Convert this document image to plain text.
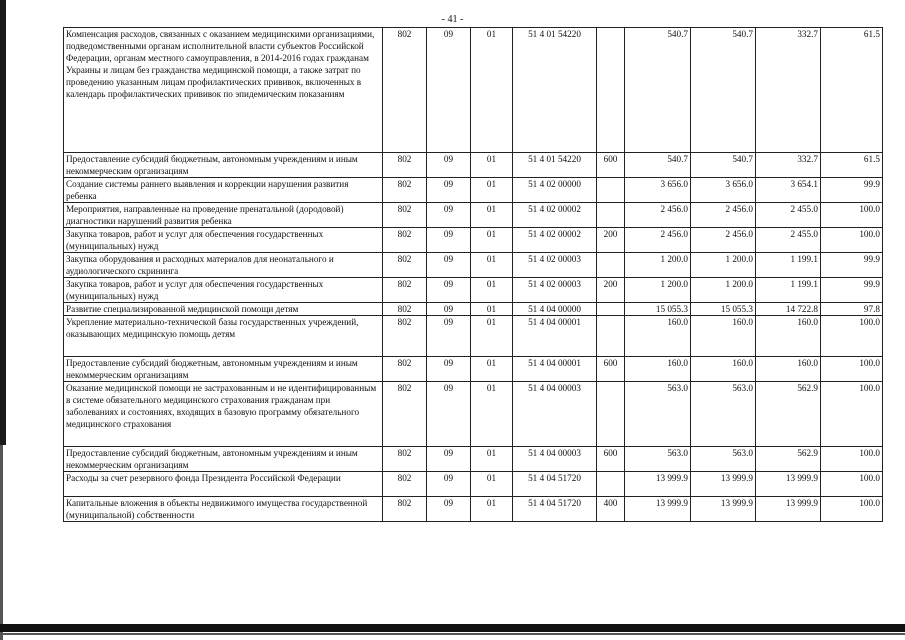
- 41 -
Компенсация расходов, связанных с оказанием медицинскими организациями, подведомственными органам исполнительной власти субъектов Российской Федерации, органам местного самоуправления, в 2014-2016 годах гражданам Украины и лицам без гражданства медицинской помощи, а также затрат по проведению указанным лицам профилактических прививок, включенных в календарь профилактических прививок по эпидемическим показаниям	802	09	01	51 4 01 54220		540.7	540.7	332.7	61.5
Предоставление субсидий бюджетным, автономным учреждениям и иным некоммерческим организациям	802	09	01	51 4 01 54220	600	540.7	540.7	332.7	61.5
Создание системы раннего выявления и коррекции нарушения развития ребенка	802	09	01	51 4 02 00000		3 656.0	3 656.0	3 654.1	99.9
Мероприятия, направленные на проведение пренатальной (дородовой) диагностики нарушений развития ребенка	802	09	01	51 4 02 00002		2 456.0	2 456.0	2 455.0	100.0
Закупка товаров, работ и услуг для обеспечения государственных (муниципальных) нужд	802	09	01	51 4 02 00002	200	2 456.0	2 456.0	2 455.0	100.0
Закупка оборудования и расходных материалов для неонатального и аудиологического скрининга	802	09	01	51 4 02 00003		1 200.0	1 200.0	1 199.1	99.9
Закупка товаров, работ и услуг для обеспечения государственных (муниципальных) нужд	802	09	01	51 4 02 00003	200	1 200.0	1 200.0	1 199.1	99.9
Развитие специализированной медицинской помощи детям	802	09	01	51 4 04 00000		15 055.3	15 055.3	14 722.8	97.8
Укрепление материально-технической базы государственных учреждений, оказывающих медицинскую помощь детям	802	09	01	51 4 04 00001		160.0	160.0	160.0	100.0
Предоставление субсидий бюджетным, автономным учреждениям и иным некоммерческим организациям	802	09	01	51 4 04 00001	600	160.0	160.0	160.0	100.0
Оказание медицинской помощи не застрахованным и не идентифицированным в системе обязательного медицинского страхования гражданам при заболеваниях и состояниях, входящих в базовую программу обязательного медицинского страхования	802	09	01	51 4 04 00003		563.0	563.0	562.9	100.0
Предоставление субсидий бюджетным, автономным учреждениям и иным некоммерческим организациям	802	09	01	51 4 04 00003	600	563.0	563.0	562.9	100.0
Расходы за счет резервного фонда Президента Российской Федерации	802	09	01	51 4 04 51720		13 999.9	13 999.9	13 999.9	100.0
Капитальные вложения в объекты недвижимого имущества государственной (муниципальной) собственности	802	09	01	51 4 04 51720	400	13 999.9	13 999.9	13 999.9	100.0
